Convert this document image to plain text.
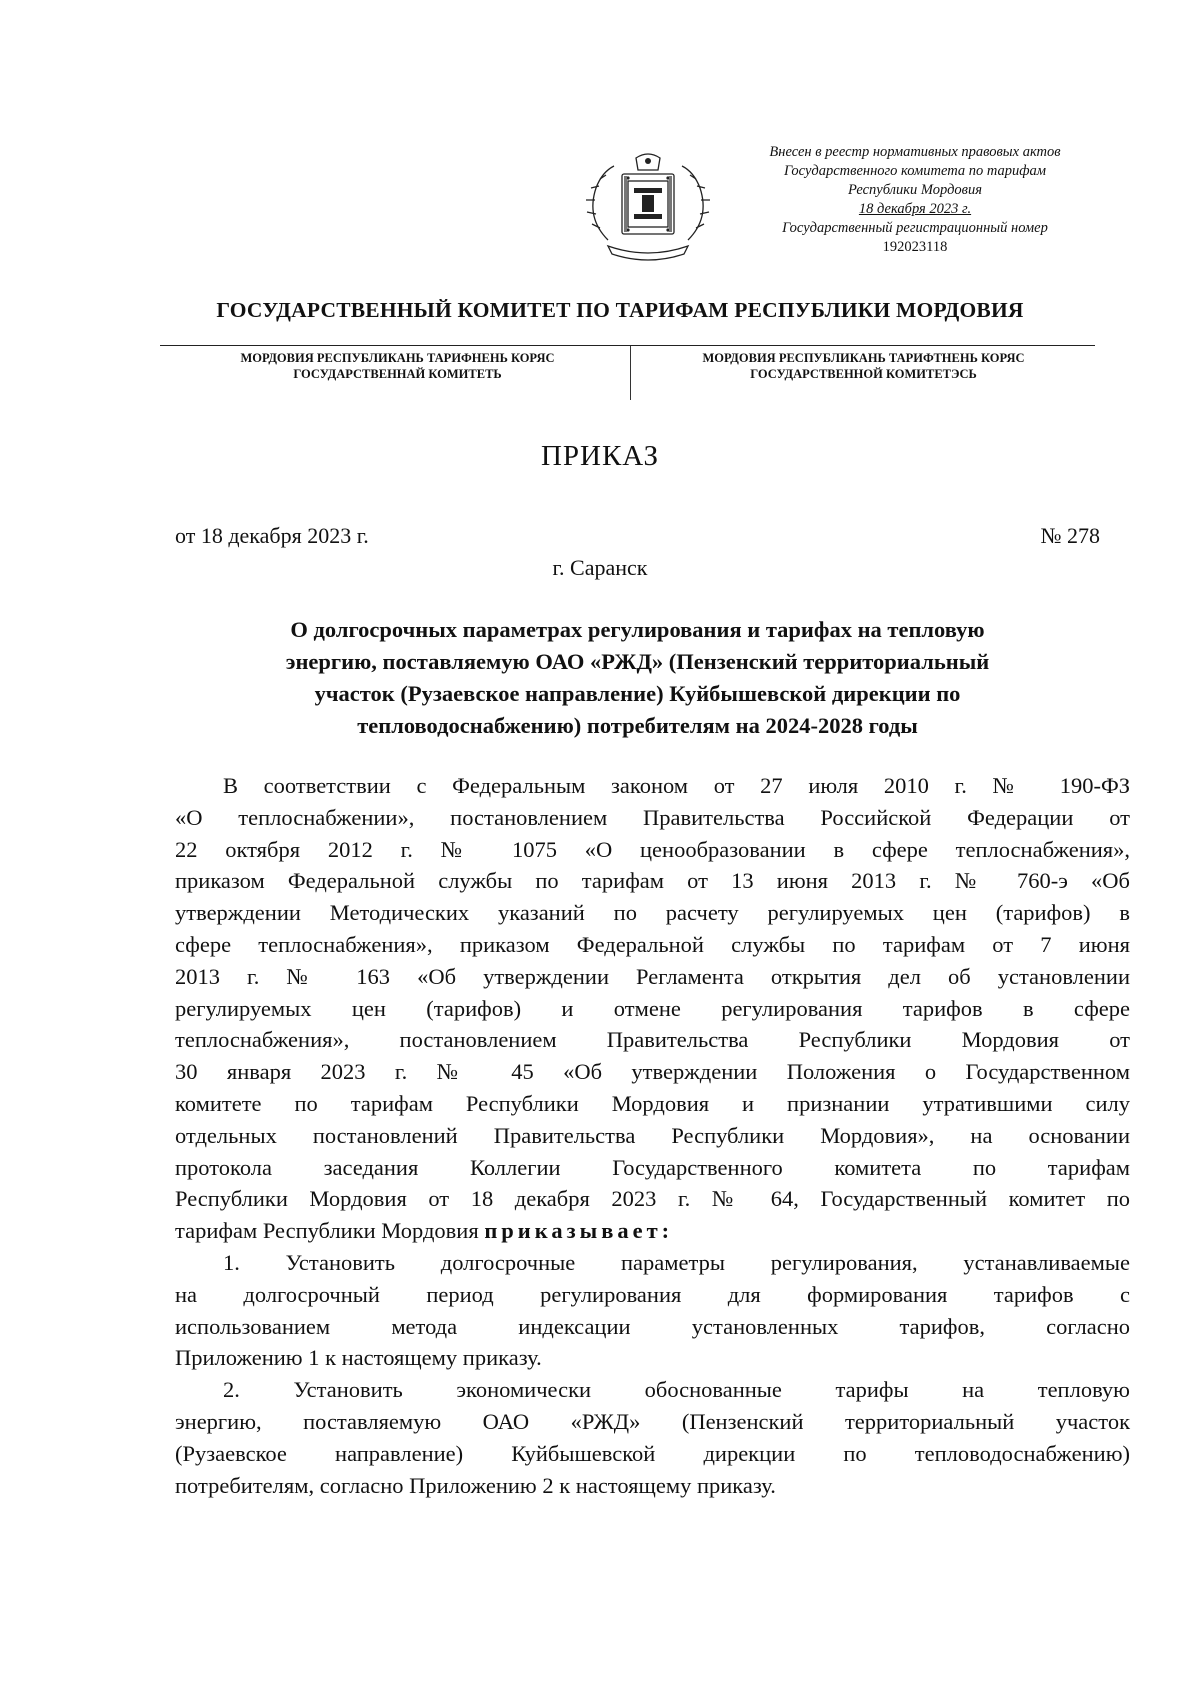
Внесен в реестр нормативных правовых актов
Государственного комитета по тарифам
Республики Мордовия
18 декабря 2023 г.
Государственный регистрационный номер
192023118
ГОСУДАРСТВЕННЫЙ КОМИТЕТ ПО ТАРИФАМ РЕСПУБЛИКИ МОРДОВИЯ
МОРДОВИЯ РЕСПУБЛИКАНЬ ТАРИФНЕНЬ КОРЯС
ГОСУДАРСТВЕННАЙ КОМИТЕТЬ
МОРДОВИЯ РЕСПУБЛИКАНЬ ТАРИФТНЕНЬ КОРЯС
ГОСУДАРСТВЕННОЙ КОМИТЕТЭСЬ
ПРИКАЗ
от 18 декабря 2023 г.	№ 278
г. Саранск
О долгосрочных параметрах регулирования и тарифах на тепловую
энергию, поставляемую ОАО «РЖД» (Пензенский территориальный
участок (Рузаевское направление) Куйбышевской дирекции по
тепловодоснабжению) потребителям на 2024-2028 годы
В соответствии с Федеральным законом от 27 июля 2010 г. № 190-ФЗ
«О теплоснабжении», постановлением Правительства Российской Федерации от
22 октября 2012 г. № 1075 «О ценообразовании в сфере теплоснабжения»,
приказом Федеральной службы по тарифам от 13 июня 2013 г. № 760-э «Об
утверждении Методических указаний по расчету регулируемых цен (тарифов) в
сфере теплоснабжения», приказом Федеральной службы по тарифам от 7 июня
2013 г. № 163 «Об утверждении Регламента открытия дел об установлении
регулируемых цен (тарифов) и отмене регулирования тарифов в сфере
теплоснабжения», постановлением Правительства Республики Мордовия от
30 января 2023 г. № 45 «Об утверждении Положения о Государственном
комитете по тарифам Республики Мордовия и признании утратившими силу
отдельных постановлений Правительства Республики Мордовия», на основании
протокола заседания Коллегии Государственного комитета по тарифам
Республики Мордовия от 18 декабря 2023 г. № 64, Государственный комитет по
тарифам Республики Мордовия приказывает:
1. Установить долгосрочные параметры регулирования, устанавливаемые
на долгосрочный период регулирования для формирования тарифов с
использованием метода индексации установленных тарифов, согласно
Приложению 1 к настоящему приказу.
2. Установить экономически обоснованные тарифы на тепловую
энергию, поставляемую ОАО «РЖД» (Пензенский территориальный участок
(Рузаевское направление) Куйбышевской дирекции по тепловодоснабжению)
потребителям, согласно Приложению 2 к настоящему приказу.
